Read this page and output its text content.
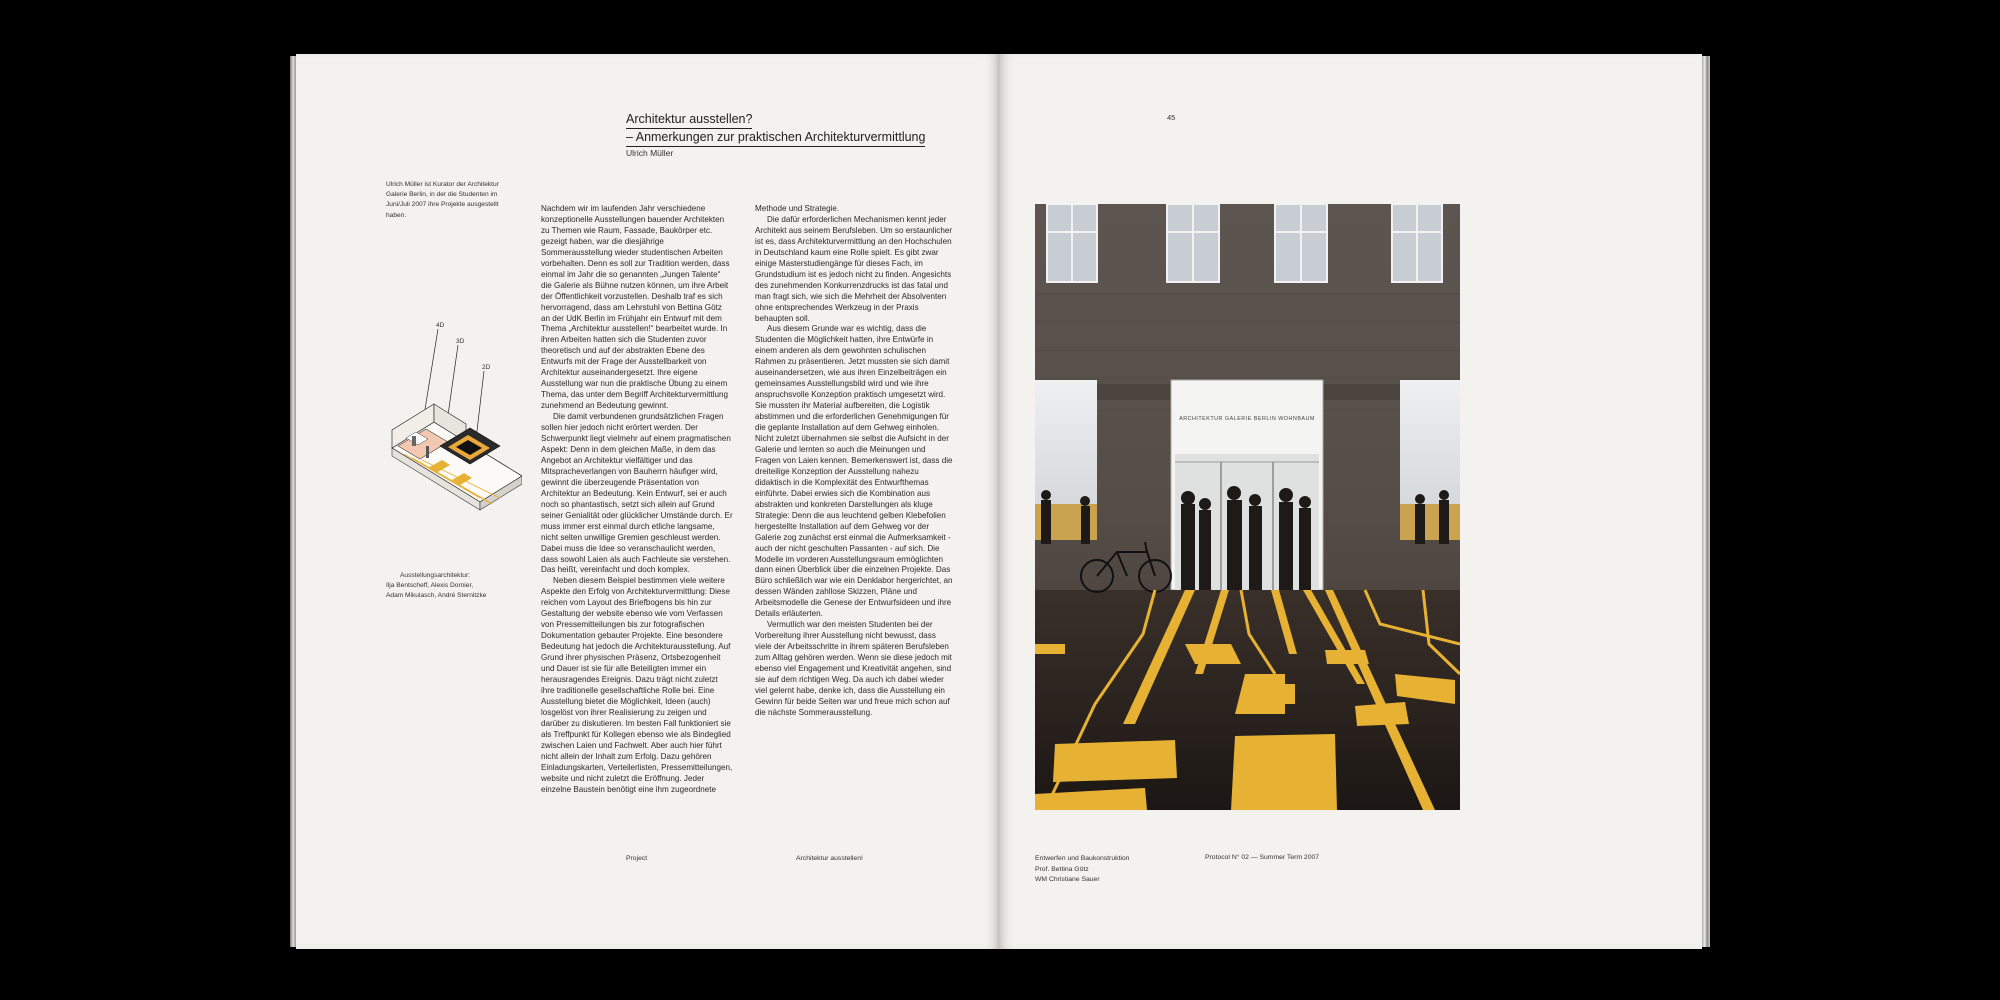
Architektur ausstellen?
– Anmerkungen zur praktischen Architekturvermittlung
Ulrich Müller
Ulrich Müller ist Kurator der Architektur Galerie Berlin, in der die Studenten im Juni/Juli 2007 ihre Projekte ausgestellt haben.
4D
3D
2D
Ausstellungsarchitektur:
Ilja Bentscheff, Alexis Dornier,
Adam Mikulasch, André Sternitzke

Nachdem wir im laufenden Jahr verschiedene konzeptionelle Ausstellungen bauender Architekten zu Themen wie Raum, Fassade, Baukörper etc. gezeigt haben, war die diesjährige Sommerausstellung wieder studentischen Arbeiten vorbehalten. Denn es soll zur Tradition werden, dass einmal im Jahr die so genannten „Jungen Talente“ die Galerie als Bühne nutzen können, um ihre Arbeit der Öffentlichkeit vorzustellen. Deshalb traf es sich hervorragend, dass am Lehrstuhl von Bettina Götz an der UdK Berlin im Frühjahr ein Entwurf mit dem Thema „Architektur ausstellen!“ bearbeitet wurde. In ihren Arbeiten hatten sich die Studenten zuvor theoretisch und auf der abstrakten Ebene des Entwurfs mit der Frage der Ausstellbarkeit von Architektur auseinandergesetzt. Ihre eigene Ausstellung war nun die praktische Übung zu einem Thema, das unter dem Begriff Architekturvermittlung zunehmend an Bedeutung gewinnt.

Die damit verbundenen grundsätzlichen Fragen sollen hier jedoch nicht erörtert werden. Der Schwerpunkt liegt vielmehr auf einem pragmatischen Aspekt: Denn in dem gleichen Maße, in dem das Angebot an Architektur vielfältiger und das Mitspracheverlangen von Bauherrn häufiger wird, gewinnt die überzeugende Präsentation von Architektur an Bedeutung. Kein Entwurf, sei er auch noch so phantastisch, setzt sich allein auf Grund seiner Genialität oder glücklicher Umstände durch. Er muss immer erst einmal durch etliche langsame, nicht selten unwillige Gremien geschleust werden. Dabei muss die Idee so veranschaulicht werden, dass sowohl Laien als auch Fachleute sie verstehen. Das heißt, vereinfacht und doch komplex.

Neben diesem Beispiel bestimmen viele weitere Aspekte den Erfolg von Architekturvermittlung: Diese reichen vom Layout des Briefbogens bis hin zur Gestaltung der website ebenso wie vom Verfassen von Pressemitteilungen bis zur fotografischen Dokumentation gebauter Projekte. Eine besondere Bedeutung hat jedoch die Architekturausstellung. Auf Grund ihrer physischen Präsenz, Ortsbezogenheit und Dauer ist sie für alle Beteiligten immer ein herausragendes Ereignis. Dazu trägt nicht zuletzt ihre traditionelle gesellschaftliche Rolle bei. Eine Ausstellung bietet die Möglichkeit, Ideen (auch) losgelöst von ihrer Realisierung zu zeigen und darüber zu diskutieren. Im besten Fall funktioniert sie als Treffpunkt für Kollegen ebenso wie als Bindeglied zwischen Laien und Fachwelt. Aber auch hier führt nicht allein der Inhalt zum Erfolg. Dazu gehören Einladungskarten, Verteilerlisten, Pressemitteilungen, website und nicht zuletzt die Eröffnung. Jeder einzelne Baustein benötigt eine ihm zugeordnete

Methode und Strategie.

Die dafür erforderlichen Mechanismen kennt jeder Architekt aus seinem Berufsleben. Um so erstaunlicher ist es, dass Architekturvermittlung an den Hochschulen in Deutschland kaum eine Rolle spielt. Es gibt zwar einige Masterstudiengänge für dieses Fach, im Grundstudium ist es jedoch nicht zu finden. Angesichts des zunehmenden Konkurrenzdrucks ist das fatal und man fragt sich, wie sich die Mehrheit der Absolventen ohne entsprechendes Werkzeug in der Praxis behaupten soll.

Aus diesem Grunde war es wichtig, dass die Studenten die Möglichkeit hatten, ihre Entwürfe in einem anderen als dem gewohnten schulischen Rahmen zu präsentieren. Jetzt mussten sie sich damit auseinandersetzen, wie aus ihren Einzelbeiträgen ein gemeinsames Ausstellungsbild wird und wie ihre anspruchsvolle Konzeption praktisch umgesetzt wird. Sie mussten ihr Material aufbereiten, die Logistik abstimmen und die erforderlichen Genehmigungen für die geplante Installation auf dem Gehweg einholen. Nicht zuletzt übernahmen sie selbst die Aufsicht in der Galerie und lernten so auch die Meinungen und Fragen von Laien kennen. Bemerkenswert ist, dass die dreiteilige Konzeption der Ausstellung nahezu didaktisch in die Komplexität des Entwurfthemas einführte. Dabei erwies sich die Kombination aus abstrakten und konkreten Darstellungen als kluge Strategie: Denn die aus leuchtend gelben Klebefolien hergestellte Installation auf dem Gehweg vor der Galerie zog zunächst erst einmal die Aufmerksamkeit - auch der nicht geschulten Passanten - auf sich. Die Modelle im vorderen Ausstellungsraum ermöglichten dann einen Überblick über die einzelnen Projekte. Das Büro schließlich war wie ein Denklabor hergerichtet, an dessen Wänden zahllose Skizzen, Pläne und Arbeitsmodelle die Genese der Entwurfsideen und ihre Details erläuterten.

Vermutlich war den meisten Studenten bei der Vorbereitung ihrer Ausstellung nicht bewusst, dass viele der Arbeitsschritte in ihrem späteren Berufsleben zum Alltag gehören werden. Wenn sie diese jedoch mit ebenso viel Engagement und Kreativität angehen, sind sie auf dem richtigen Weg. Da auch ich dabei wieder viel gelernt habe, denke ich, dass die Ausstellung ein Gewinn für beide Seiten war und freue mich schon auf die nächste Sommerausstellung.

Project	Architektur ausstellen!
45
ARCHITEKTUR GALERIE BERLIN WOHNBAUM
Entwerfen und Baukonstruktion
Prof. Bettina Götz
WM Christiane Sauer
Protocol N° 02 — Summer Term 2007
